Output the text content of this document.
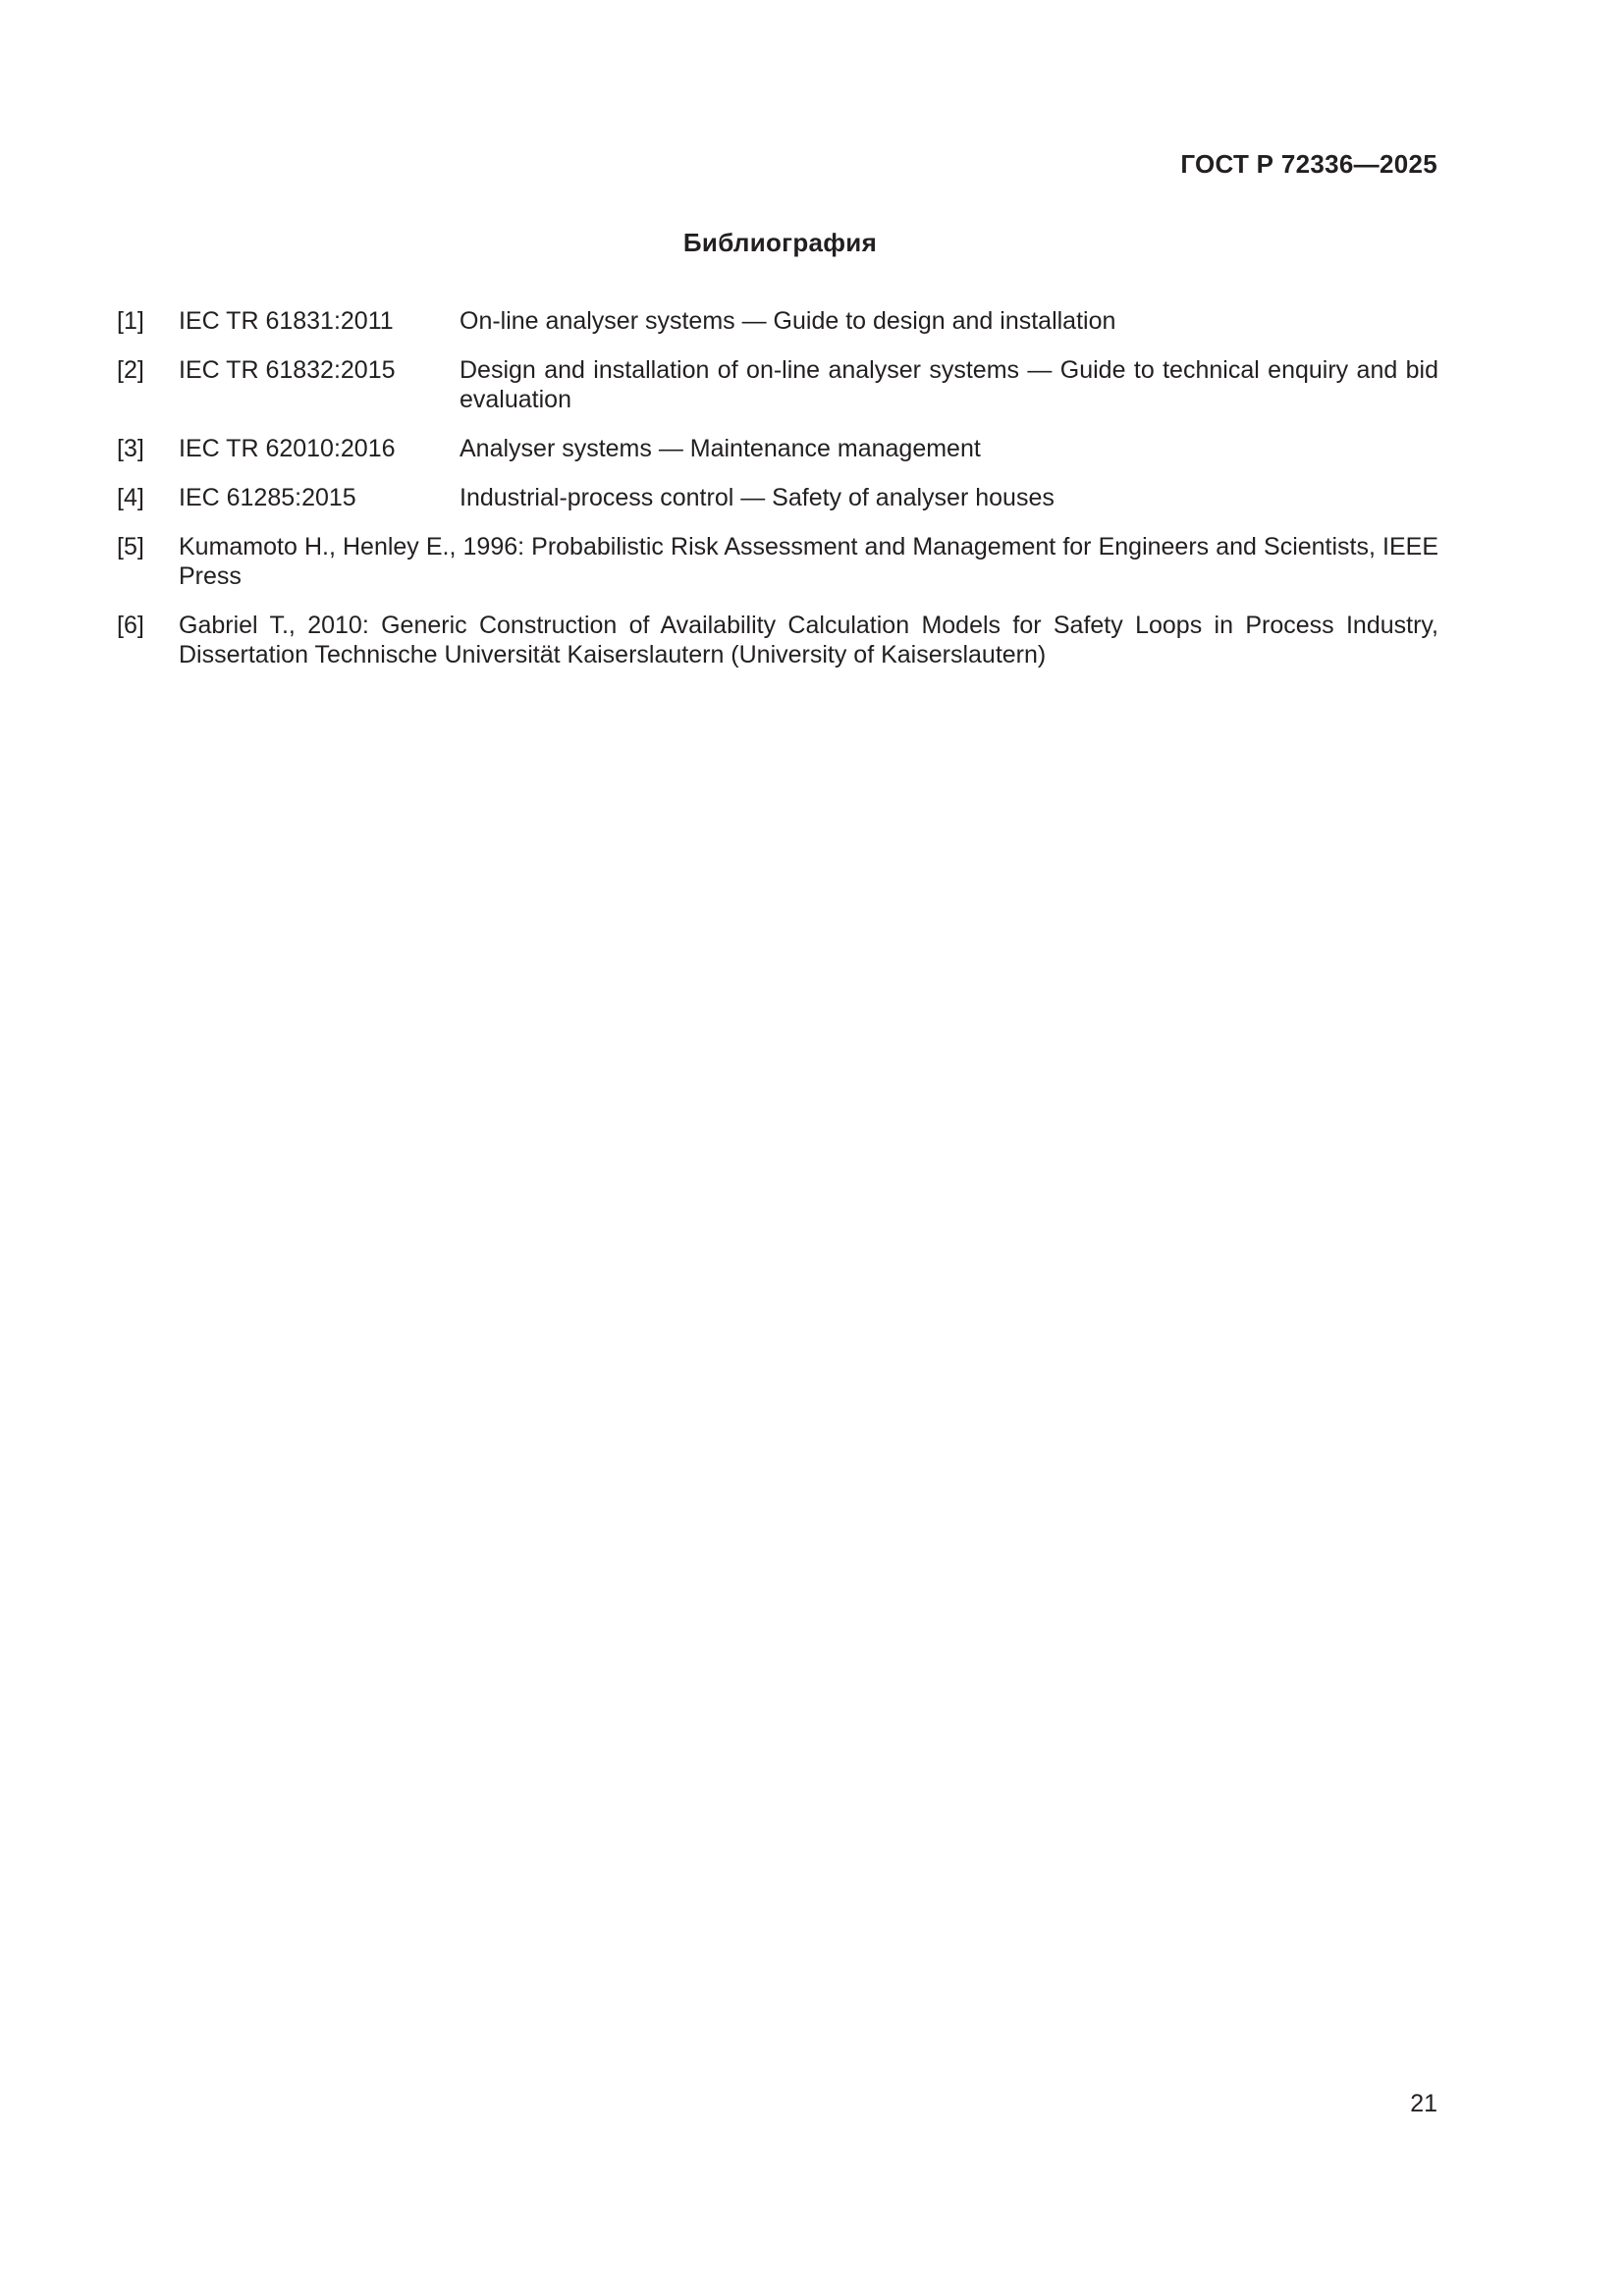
ГОСТ Р 72336—2025
Библиография
[1]	IEC TR 61831:2011	On-line analyser systems — Guide to design and installation
[2]	IEC TR 61832:2015	Design and installation of on-line analyser systems — Guide to technical enquiry and bid evaluation
[3]	IEC TR 62010:2016	Analyser systems — Maintenance management
[4]	IEC 61285:2015	Industrial-process control — Safety of analyser houses
[5]	Kumamoto H., Henley E., 1996: Probabilistic Risk Assessment and Management for Engineers and Scientists, IEEE Press
[6]	Gabriel T., 2010: Generic Construction of Availability Calculation Models for Safety Loops in Process Industry, Dissertation Technische Universität Kaiserslautern (University of Kaiserslautern)
21
